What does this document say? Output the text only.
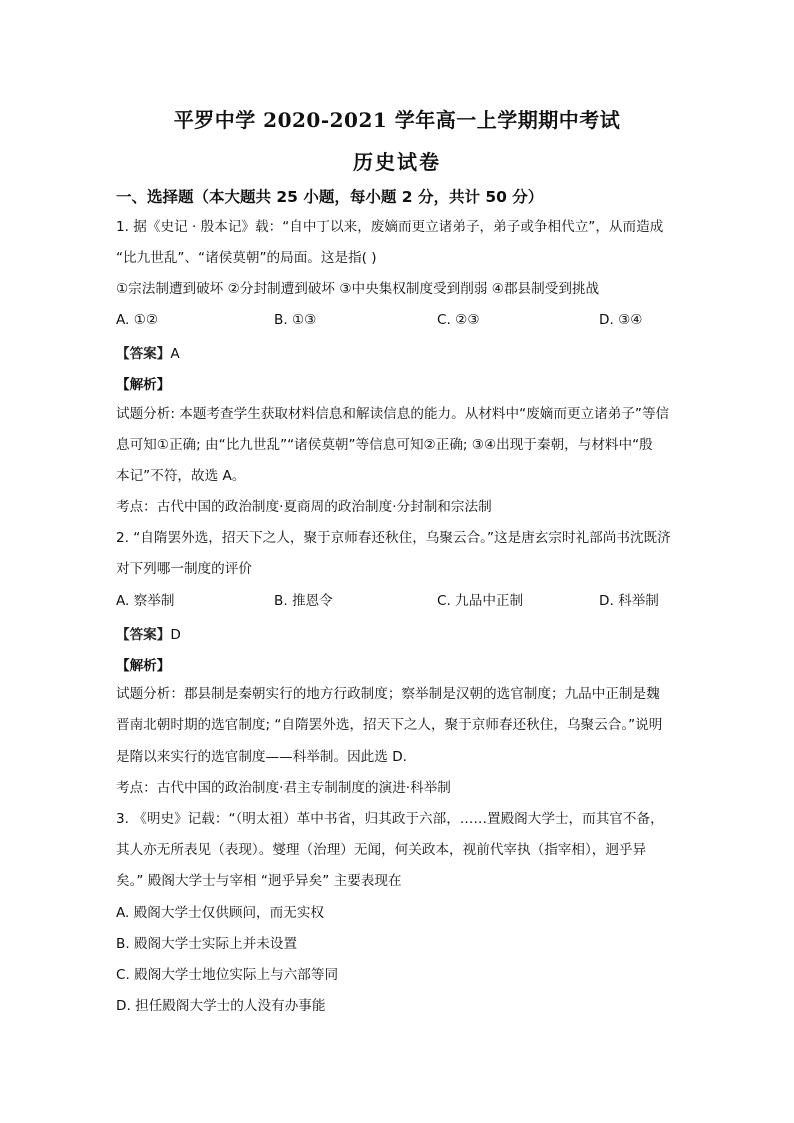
平罗中学 2020-2021 学年高一上学期期中考试
历史试卷
一、选择题（本大题共 25 小题，每小题 2 分，共计 50 分）
1. 据《史记 · 殷本记》载：“自中丁以来，废嫡而更立诸弟子，弟子或争相代立”，从而造成
“比九世乱”、“诸侯莫朝”的局面。这是指( )
①宗法制遭到破坏 ②分封制遭到破坏 ③中央集权制度受到削弱 ④郡县制受到挑战
A. ①②	B. ①③	C. ②③	D. ③④
【答案】A
【解析】
试题分析: 本题考查学生获取材料信息和解读信息的能力。从材料中“废嫡而更立诸弟子”等信
息可知①正确; 由“比九世乱”“诸侯莫朝”等信息可知②正确; ③④出现于秦朝，与材料中“殷
本记”不符，故选 A。
考点：古代中国的政治制度·夏商周的政治制度·分封制和宗法制
2. “自隋罢外选，招天下之人，聚于京师春还秋住，乌聚云合。”这是唐玄宗时礼部尚书沈既济
对下列哪一制度的评价
A. 察举制	B. 推恩令	C. 九品中正制	D. 科举制
【答案】D
【解析】
试题分析：郡县制是秦朝实行的地方行政制度；察举制是汉朝的选官制度；九品中正制是魏
晋南北朝时期的选官制度; “自隋罢外选，招天下之人，聚于京师春还秋住，乌聚云合。”说明
是隋以来实行的选官制度——科举制。因此选 D.
考点：古代中国的政治制度·君主专制制度的演进·科举制
3. 《明史》记载：“（明太祖）革中书省，归其政于六部，……置殿阁大学士，而其官不备，
其人亦无所表见（表现）。燮理（治理）无闻，何关政本，视前代宰执（指宰相），迥乎异
矣。” 殿阁大学士与宰相 “迥乎异矣” 主要表现在
A. 殿阁大学士仅供顾问，而无实权
B. 殿阁大学士实际上并未设置
C. 殿阁大学士地位实际上与六部等同
D. 担任殿阁大学士的人没有办事能
